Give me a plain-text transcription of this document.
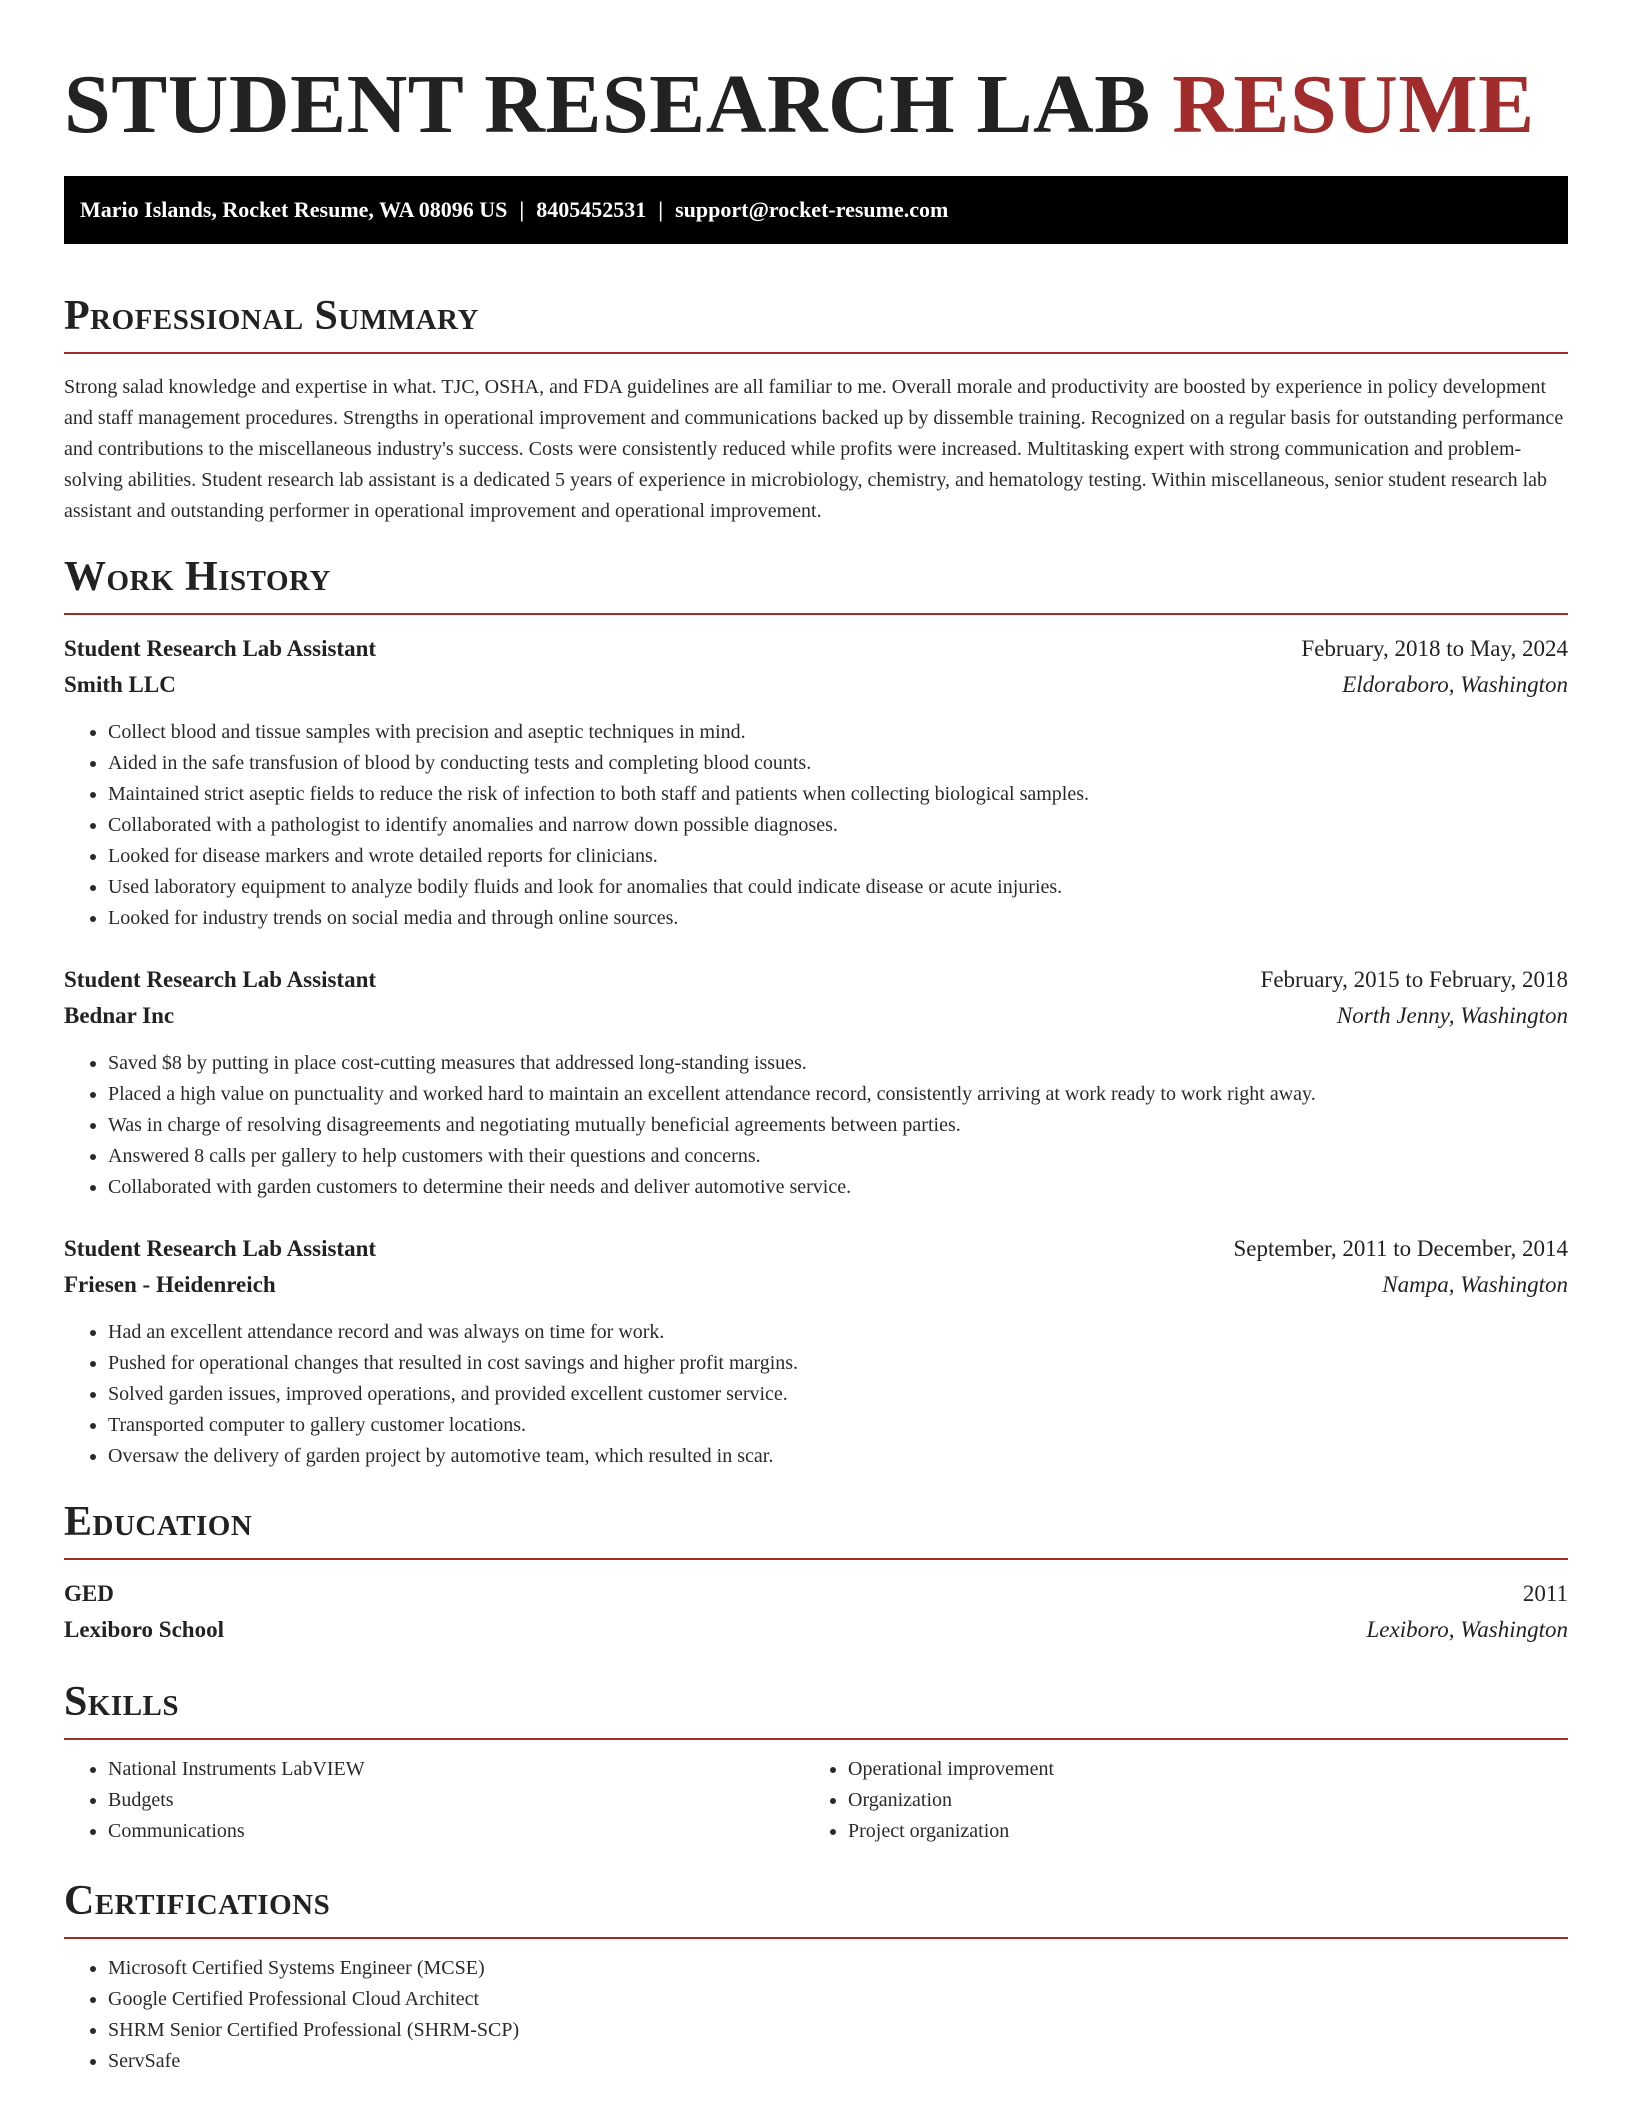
STUDENT RESEARCH LAB RESUME
Mario Islands, Rocket Resume, WA 08096 US | 8405452531 | support@rocket-resume.com
Professional Summary

Strong salad knowledge and expertise in what. TJC, OSHA, and FDA guidelines are all familiar to me. Overall morale and productivity are boosted by experience in policy development and staff management procedures. Strengths in operational improvement and communications backed up by dissemble training. Recognized on a regular basis for outstanding performance and contributions to the miscellaneous industry's success. Costs were consistently reduced while profits were increased. Multitasking expert with strong communication and problem-solving abilities. Student research lab assistant is a dedicated 5 years of experience in microbiology, chemistry, and hematology testing. Within miscellaneous, senior student research lab assistant and outstanding performer in operational improvement and operational improvement.

Work History
Student Research Lab Assistant	February, 2018 to May, 2024
Smith LLC	Eldoraboro, Washington
• Collect blood and tissue samples with precision and aseptic techniques in mind.
• Aided in the safe transfusion of blood by conducting tests and completing blood counts.
• Maintained strict aseptic fields to reduce the risk of infection to both staff and patients when collecting biological samples.
• Collaborated with a pathologist to identify anomalies and narrow down possible diagnoses.
• Looked for disease markers and wrote detailed reports for clinicians.
• Used laboratory equipment to analyze bodily fluids and look for anomalies that could indicate disease or acute injuries.
• Looked for industry trends on social media and through online sources.
Student Research Lab Assistant	February, 2015 to February, 2018
Bednar Inc	North Jenny, Washington
• Saved $8 by putting in place cost-cutting measures that addressed long-standing issues.
• Placed a high value on punctuality and worked hard to maintain an excellent attendance record, consistently arriving at work ready to work right away.
• Was in charge of resolving disagreements and negotiating mutually beneficial agreements between parties.
• Answered 8 calls per gallery to help customers with their questions and concerns.
• Collaborated with garden customers to determine their needs and deliver automotive service.
Student Research Lab Assistant	September, 2011 to December, 2014
Friesen - Heidenreich	Nampa, Washington
• Had an excellent attendance record and was always on time for work.
• Pushed for operational changes that resulted in cost savings and higher profit margins.
• Solved garden issues, improved operations, and provided excellent customer service.
• Transported computer to gallery customer locations.
• Oversaw the delivery of garden project by automotive team, which resulted in scar.
Education
GED	2011
Lexiboro School	Lexiboro, Washington
Skills
• National Instruments LabVIEW
• Budgets
• Communications
• Operational improvement
• Organization
• Project organization
Certifications
• Microsoft Certified Systems Engineer (MCSE)
• Google Certified Professional Cloud Architect
• SHRM Senior Certified Professional (SHRM-SCP)
• ServSafe
